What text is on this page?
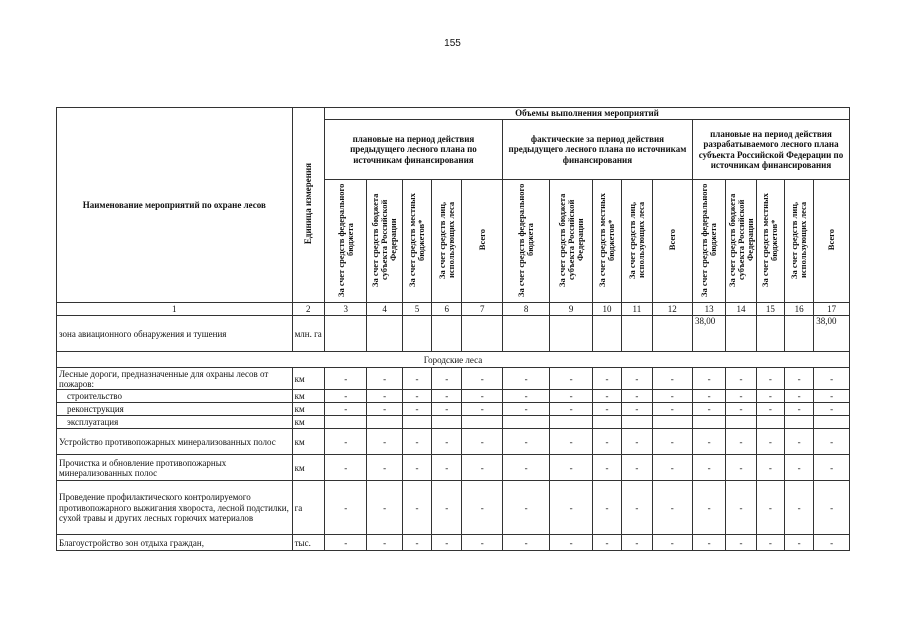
155
Наименование мероприятий по охране лесов	Единица измерения	Объемы выполнения мероприятий														
		плановые на период действия предыдущего лесного плана по источникам финансирования					фактические за период действия предыдущего лесного плана по источникам финансирования					плановые на период действия разрабатываемого лесного плана субъекта Российской Федерации по источникам финансирования				
		За счет средств федерального бюджета	За счет средств бюджета субъекта Российской Федерации	За счет средств местных бюджетов*	За счет средств лиц, использующих леса	Всего	За счет средств федерального бюджета	За счет средств бюджета субъекта Российской Федерации	За счет средств местных бюджетов*	За счет средств лиц, использующих леса	Всего	За счет средств федерального бюджета	За счет средств бюджета субъекта Российской Федерации	За счет средств местных бюджетов*	За счет средств лиц, использующих леса	Всего
1	2	3	4	5	6	7	8	9	10	11	12	13	14	15	16	17
зона авиационного обнаружения и тушения	млн. га											38,00				38,00
Городские леса																
Лесные дороги, предназначенные для охраны лесов от пожаров:	км	-	-	-	-	-	-	-	-	-	-	-	-	-	-	-
строительство	км	-	-	-	-	-	-	-	-	-	-	-	-	-	-	-
реконструкция	км	-	-	-	-	-	-	-	-	-	-	-	-	-	-	-
эксплуатация	км															
Устройство противопожарных минерализованных полос	км	-	-	-	-	-	-	-	-	-	-	-	-	-	-	-
Прочистка и обновление противопожарных минерализованных полос	км	-	-	-	-	-	-	-	-	-	-	-	-	-	-	-
Проведение профилактического контролируемого противопожарного выжигания хвороста, лесной подстилки, сухой травы и других лесных горючих материалов	га	-	-	-	-	-	-	-	-	-	-	-	-	-	-	-
Благоустройство зон отдыха граждан,	тыс.	-	-	-	-	-	-	-	-	-	-	-	-	-	-	-
